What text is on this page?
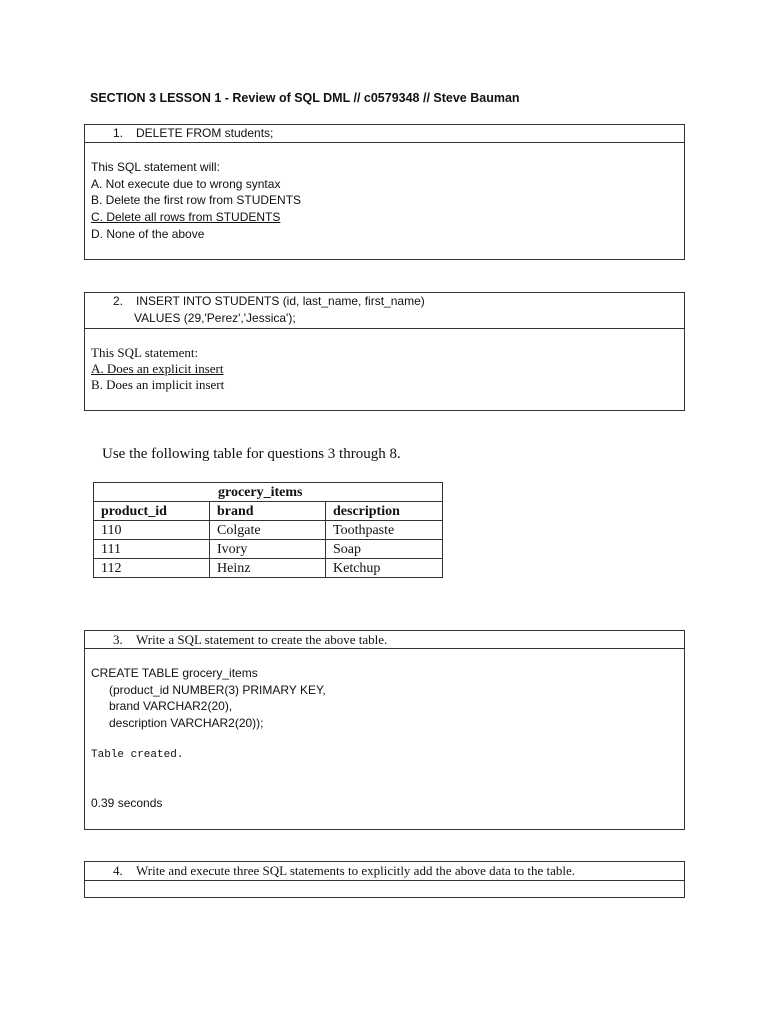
SECTION 3 LESSON 1 - Review of SQL DML // c0579348 // Steve Bauman
1. DELETE FROM students;
This SQL statement will:
A. Not execute due to wrong syntax
B. Delete the first row from STUDENTS
C. Delete all rows from STUDENTS
D. None of the above
2. INSERT INTO STUDENTS (id, last_name, first_name)
VALUES (29,'Perez','Jessica');
This SQL statement:
A. Does an explicit insert
B. Does an implicit insert
Use the following table for questions 3 through 8.
grocery_items		
product_id	brand	description
110	Colgate	Toothpaste
111	Ivory	Soap
112	Heinz	Ketchup
3. Write a SQL statement to create the above table.
CREATE TABLE grocery_items
(product_id NUMBER(3) PRIMARY KEY,
brand VARCHAR2(20),
description VARCHAR2(20));
Table created.
0.39 seconds
4. Write and execute three SQL statements to explicitly add the above data to the table.
